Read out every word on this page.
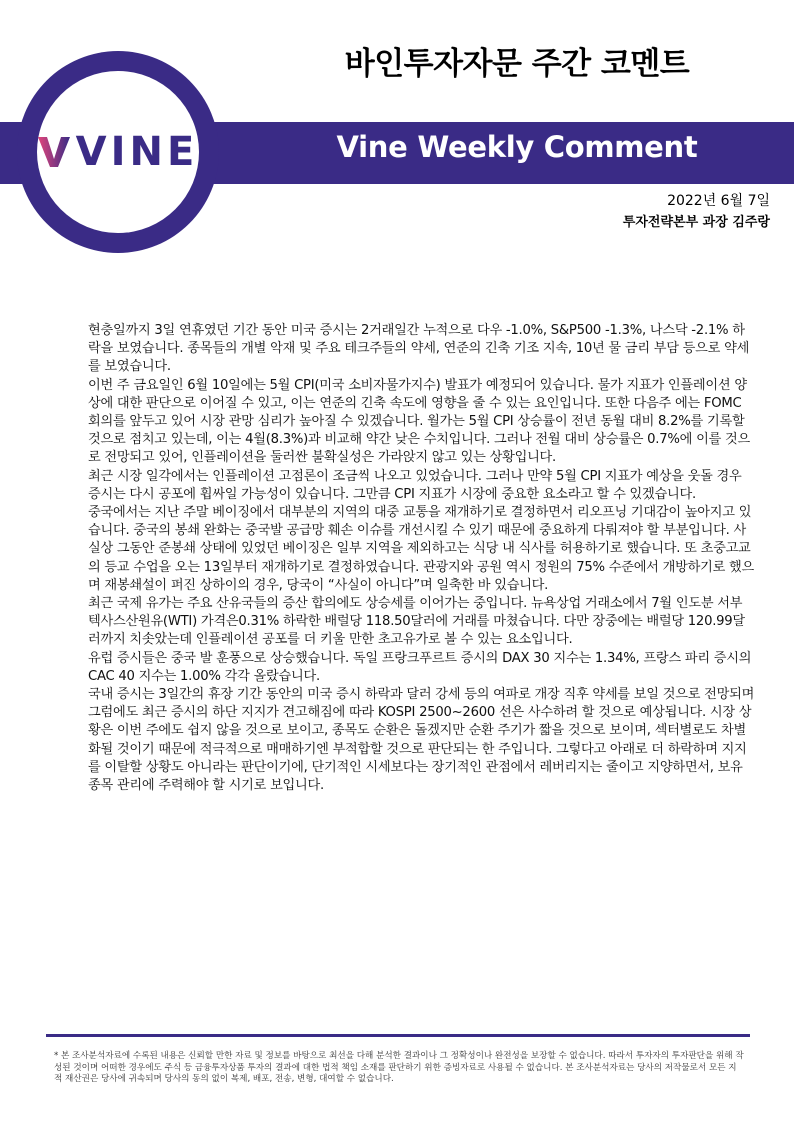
VINE
바인투자자문 주간 코멘트
Vine Weekly Comment
2022년 6월 7일
투자전략본부 과장 김주랑

현충일까지 3일 연휴였던 기간 동안 미국 증시는 2거래일간 누적으로 다우 -1.0%, S&P500 -1.3%, 나스닥 -2.1% 하락을 보였습니다. 종목들의 개별 악재 및 주요 테크주들의 약세, 연준의 긴축 기조 지속, 10년 물 금리 부담 등으로 약세를 보였습니다.

이번 주 금요일인 6월 10일에는 5월 CPI(미국 소비자물가지수) 발표가 예정되어 있습니다. 물가 지표가 인플레이션 양상에 대한 판단으로 이어질 수 있고, 이는 연준의 긴축 속도에 영향을 줄 수 있는 요인입니다. 또한 다음주 에는 FOMC 회의를 앞두고 있어 시장 관망 심리가 높아질 수 있겠습니다. 월가는 5월 CPI 상승률이 전년 동월 대비 8.2%를 기록할 것으로 점치고 있는데, 이는 4월(8.3%)과 비교해 약간 낮은 수치입니다. 그러나 전월 대비 상승률은 0.7%에 이를 것으로 전망되고 있어, 인플레이션을 둘러싼 불확실성은 가라앉지 않고 있는 상황입니다.

최근 시장 일각에서는 인플레이션 고점론이 조금씩 나오고 있었습니다. 그러나 만약 5월 CPI 지표가 예상을 웃돌 경우 증시는 다시 공포에 휩싸일 가능성이 있습니다. 그만큼 CPI 지표가 시장에 중요한 요소라고 할 수 있겠습니다.

중국에서는 지난 주말 베이징에서 대부분의 지역의 대중 교통을 재개하기로 결정하면서 리오프닝 기대감이 높아지고 있습니다. 중국의 봉쇄 완화는 중국발 공급망 훼손 이슈를 개선시킬 수 있기 때문에 중요하게 다뤄져야 할 부분입니다. 사실상 그동안 준봉쇄 상태에 있었던 베이징은 일부 지역을 제외하고는 식당 내 식사를 허용하기로 했습니다. 또 초중고교의 등교 수업을 오는 13일부터 재개하기로 결정하였습니다. 관광지와 공원 역시 정원의 75% 수준에서 개방하기로 했으며 재봉쇄설이 퍼진 상하이의 경우, 당국이 “사실이 아니다”며 일축한 바 있습니다.

최근 국제 유가는 주요 산유국들의 증산 합의에도 상승세를 이어가는 중입니다. 뉴욕상업 거래소에서 7월 인도분 서부 텍사스산원유(WTI) 가격은0.31% 하락한 배럴당 118.50달러에 거래를 마쳤습니다. 다만 장중에는 배럴당 120.99달러까지 치솟았는데 인플레이션 공포를 더 키울 만한 초고유가로 볼 수 있는 요소입니다.

유럽 증시들은 중국 발 훈풍으로 상승했습니다. 독일 프랑크푸르트 증시의 DAX 30 지수는 1.34%, 프랑스 파리 증시의 CAC 40 지수는 1.00% 각각 올랐습니다.

국내 증시는 3일간의 휴장 기간 동안의 미국 증시 하락과 달러 강세 등의 여파로 개장 직후 약세를 보일 것으로 전망되며 그럼에도 최근 증시의 하단 지지가 견고해짐에 따라 KOSPI 2500~2600 선은 사수하려 할 것으로 예상됩니다. 시장 상황은 이번 주에도 쉽지 않을 것으로 보이고, 종목도 순환은 돌겠지만 순환 주기가 짧을 것으로 보이며, 섹터별로도 차별화될 것이기 때문에 적극적으로 매매하기엔 부적합할 것으로 판단되는 한 주입니다. 그렇다고 아래로 더 하락하며 지지를 이탈할 상황도 아니라는 판단이기에, 단기적인 시세보다는 장기적인 관점에서 레버리지는 줄이고 지양하면서, 보유 종목 관리에 주력해야 할 시기로 보입니다.

* 본 조사분석자료에 수록된 내용은 신뢰할 만한 자료 및 정보를 바탕으로 최선을 다해 분석한 결과이나 그 정확성이나 완전성을 보장할 수 없습니다. 따라서 투자자의 투자판단을 위해 작성된 것이며 어떠한 경우에도 주식 등 금융투자상품 투자의 결과에 대한 법적 책임 소재를 판단하기 위한 증빙자료로 사용될 수 없습니다. 본 조사분석자료는 당사의 저작물로서 모든 지적 재산권은 당사에 귀속되며 당사의 동의 없이 복제, 배포, 전송, 변형, 대여할 수 없습니다.
